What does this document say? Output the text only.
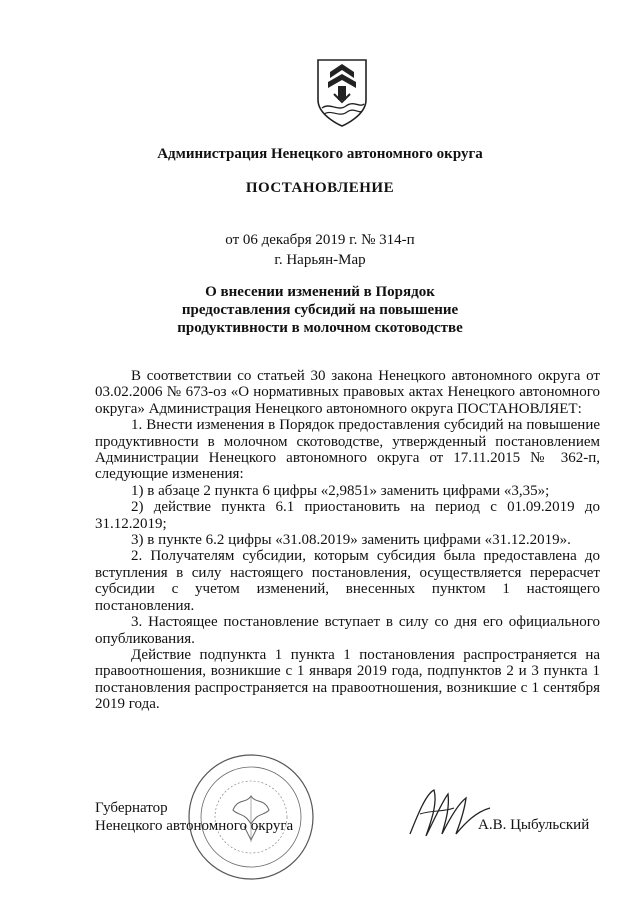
Администрация Ненецкого автономного округа
ПОСТАНОВЛЕНИЕ
от 06 декабря 2019 г. № 314-п
г. Нарьян-Мар
О внесении изменений в Порядок
предоставления субсидий на повышение
продуктивности в молочном скотоводстве

В соответствии со статьей 30 закона Ненецкого автономного округа от 03.02.2006 № 673-оз «О нормативных правовых актах Ненецкого автономного округа» Администрация Ненецкого автономного округа ПОСТАНОВЛЯЕТ:

1. Внести изменения в Порядок предоставления субсидий на повышение продуктивности в молочном скотоводстве, утвержденный постановлением Администрации Ненецкого автономного округа от 17.11.2015 № 362-п, следующие изменения:

1) в абзаце 2 пункта 6 цифры «2,9851» заменить цифрами «3,35»;

2) действие пункта 6.1 приостановить на период с 01.09.2019 до 31.12.2019;

3) в пункте 6.2 цифры «31.08.2019» заменить цифрами «31.12.2019».

2. Получателям субсидии, которым субсидия была предоставлена до вступления в силу настоящего постановления, осуществляется перерасчет субсидии с учетом изменений, внесенных пунктом 1 настоящего постановления.

3. Настоящее постановление вступает в силу со дня его официального опубликования.

Действие подпункта 1 пункта 1 постановления распространяется на правоотношения, возникшие с 1 января 2019 года, подпунктов 2 и 3 пункта 1 постановления распространяется на правоотношения, возникшие с 1 сентября 2019 года.

Губернатор
Ненецкого автономного округа	А.В. Цыбульский
